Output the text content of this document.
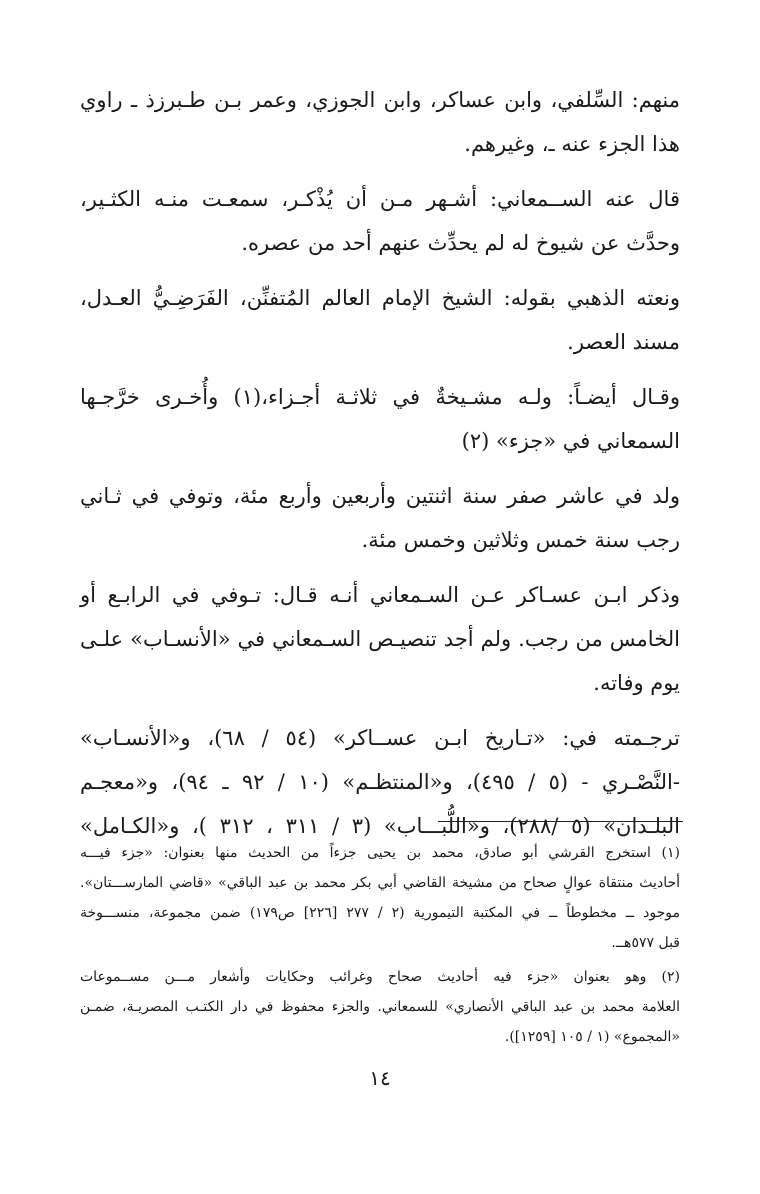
منهم: السِّلفي، وابن عساكر، وابن الجوزي، وعمر بـن طـبرزذ ـ راوي
هذا الجزء عنه ـ، وغيرهم.

قال عنه الســمعاني: أشـهر مـن أن يُذْكـر، سمعـت منـه الكثـير،
وحدَّث عن شيوخ له لم يحدِّث عنهم أحد من عصره.

ونعته الذهبي بقوله: الشيخ الإمام العالم المُتفنِّن، الفَرَضِـيُّ العـدل،
مسند العصر.

وقـال أيضـاً: ولـه مشـيخةٌ في ثلاثـة أجـزاء،(١) وأُخـرى خرَّجـها
السمعاني في «جزء» (٢)

ولد في عاشر صفر سنة اثنتين وأربعين وأربع مئة، وتوفي في ثـاني
رجب سنة خمس وثلاثين وخمس مئة.

وذكر ابـن عسـاكر عـن السـمعاني أنـه قـال: تـوفي في الرابـع أو
الخامس من رجب. ولم أجد تنصيـص السـمعاني في «الأنسـاب» علـى
يوم وفاته.

ترجـمته في: «تـاريخ ابـن عســاكر» (٥٤ / ٦٨)، و«الأنسـاب»
-النَّصْـري - (٥ / ٤٩٥)، و«المنتظـم» (١٠ / ٩٢ ـ ٩٤)، و«معجـم
البلـدان» (٥ /٢٨٨)، و«اللُّبـــاب» (٣ / ٣١١ ، ٣١٢ )، و«الكـامل»

(١) استخرج القرشي أبو صادق، محمد بن يحيى جزءاً من الحديث منها بعنوان: «جزء فيـــه
أحاديث منتقاة عوالٍ صحاح من مشيخة القاضي أبي بكر محمد بن عبد الباقي» «قاضي المارســـتان».
موجود ــ مخطوطاً ــ في المكتبة التيمورية (٢ / ٢٧٧ [٢٢٦] ص١٧٩) ضمن مجموعة، منســـوخة
قبل ٥٧٧هــ.

(٢) وهو بعنوان «جزء فيه أحاديث صحاح وغرائب وحكايات وأشعار مـــن مســموعات
العلامة محمد بن عبد الباقي الأنصاري» للسمعاني. والجزء محفوظ في دار الكتـب المصريـة، ضمـن
«المجموع» (١ / ١٠٥ [١٢٥٩]).

١٤
